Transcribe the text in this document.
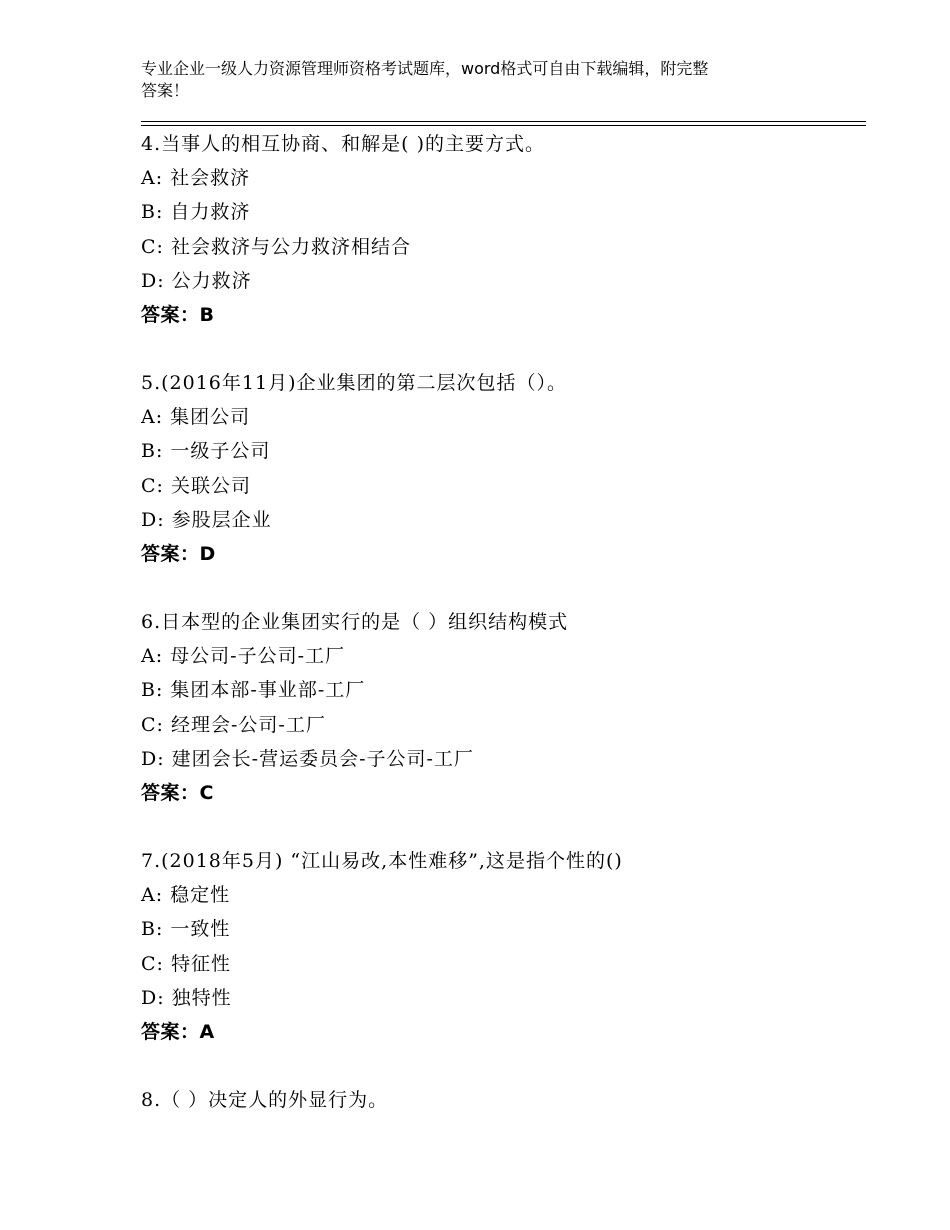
专业企业一级人力资源管理师资格考试题库，word格式可自由下载编辑，附完整
答案！
4.当事人的相互协商、和解是( )的主要方式。
A: 社会救济
B: 自力救济
C: 社会救济与公力救济相结合
D: 公力救济
答案：B
5.(2016年11月)企业集团的第二层次包括（）。
A: 集团公司
B: 一级子公司
C: 关联公司
D: 参股层企业
答案：D
6.日本型的企业集团实行的是（ ）组织结构模式
A: 母公司-子公司-工厂
B: 集团本部-事业部-工厂
C: 经理会-公司-工厂
D: 建团会长-营运委员会-子公司-工厂
答案：C
7.(2018年5月) “江山易改,本性难移”,这是指个性的()
A: 稳定性
B: 一致性
C: 特征性
D: 独特性
答案：A
8.（ ）决定人的外显行为。
